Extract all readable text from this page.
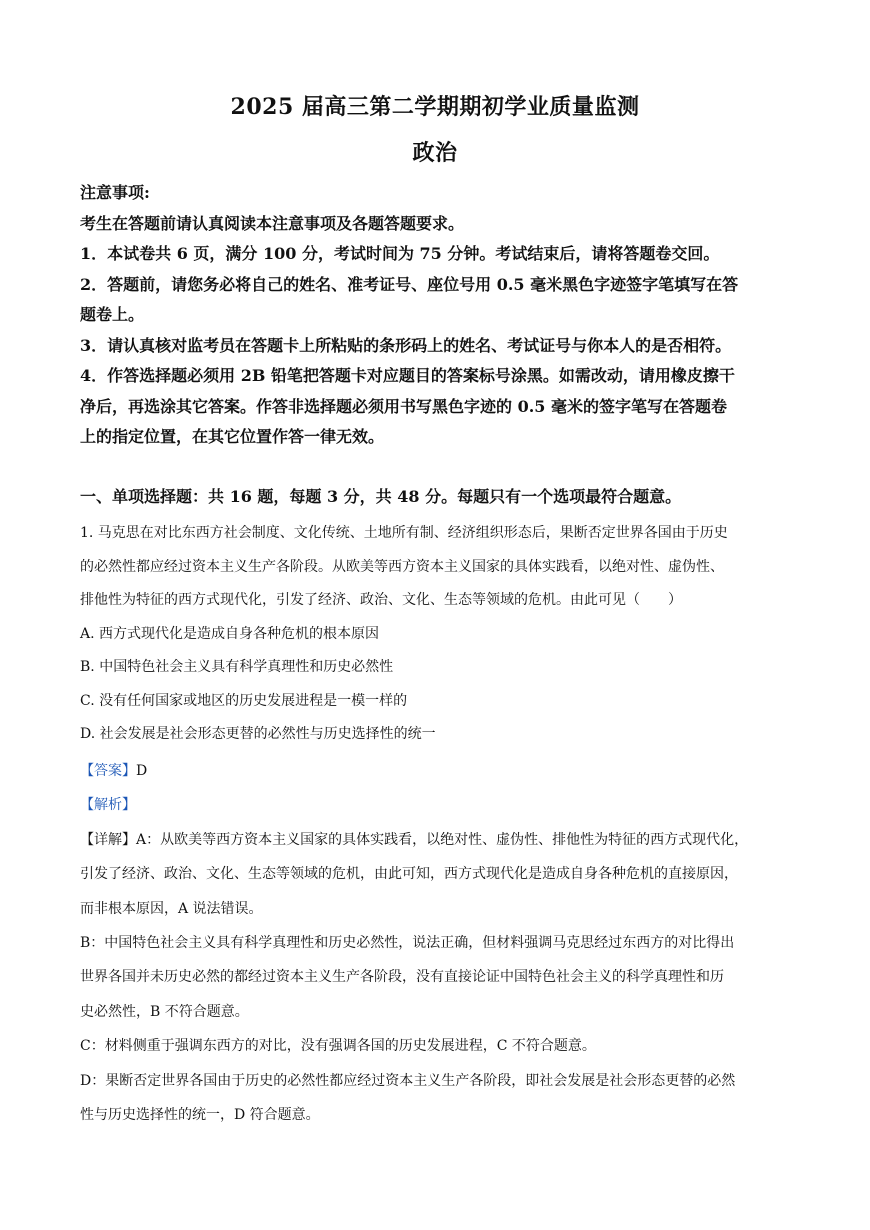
2025 届高三第二学期期初学业质量监测
政治

注意事项:

考生在答题前请认真阅读本注意事项及各题答题要求。

1．本试卷共 6 页，满分 100 分，考试时间为 75 分钟。考试结束后，请将答题卷交回。

2．答题前，请您务必将自己的姓名、准考证号、座位号用 0.5 毫米黑色字迹签字笔填写在答

题卷上。

3．请认真核对监考员在答题卡上所粘贴的条形码上的姓名、考试证号与你本人的是否相符。

4．作答选择题必须用 2B 铅笔把答题卡对应题目的答案标号涂黑。如需改动，请用橡皮擦干

净后，再选涂其它答案。作答非选择题必须用书写黑色字迹的 0.5 毫米的签字笔写在答题卷

上的指定位置，在其它位置作答一律无效。

一、单项选择题：共 16 题，每题 3 分，共 48 分。每题只有一个选项最符合题意。

1. 马克思在对比东西方社会制度、文化传统、土地所有制、经济组织形态后，果断否定世界各国由于历史

的必然性都应经过资本主义生产各阶段。从欧美等西方资本主义国家的具体实践看，以绝对性、虚伪性、

排他性为特征的西方式现代化，引发了经济、政治、文化、生态等领域的危机。由此可见（　　）

A. 西方式现代化是造成自身各种危机的根本原因

B. 中国特色社会主义具有科学真理性和历史必然性

C. 没有任何国家或地区的历史发展进程是一模一样的

D. 社会发展是社会形态更替的必然性与历史选择性的统一

【答案】D

【解析】

【详解】A：从欧美等西方资本主义国家的具体实践看，以绝对性、虚伪性、排他性为特征的西方式现代化，

引发了经济、政治、文化、生态等领域的危机，由此可知，西方式现代化是造成自身各种危机的直接原因，

而非根本原因，A 说法错误。

B：中国特色社会主义具有科学真理性和历史必然性，说法正确，但材料强调马克思经过东西方的对比得出

世界各国并未历史必然的都经过资本主义生产各阶段，没有直接论证中国特色社会主义的科学真理性和历

史必然性，B 不符合题意。

C：材料侧重于强调东西方的对比，没有强调各国的历史发展进程，C 不符合题意。

D：果断否定世界各国由于历史的必然性都应经过资本主义生产各阶段，即社会发展是社会形态更替的必然

性与历史选择性的统一，D 符合题意。
